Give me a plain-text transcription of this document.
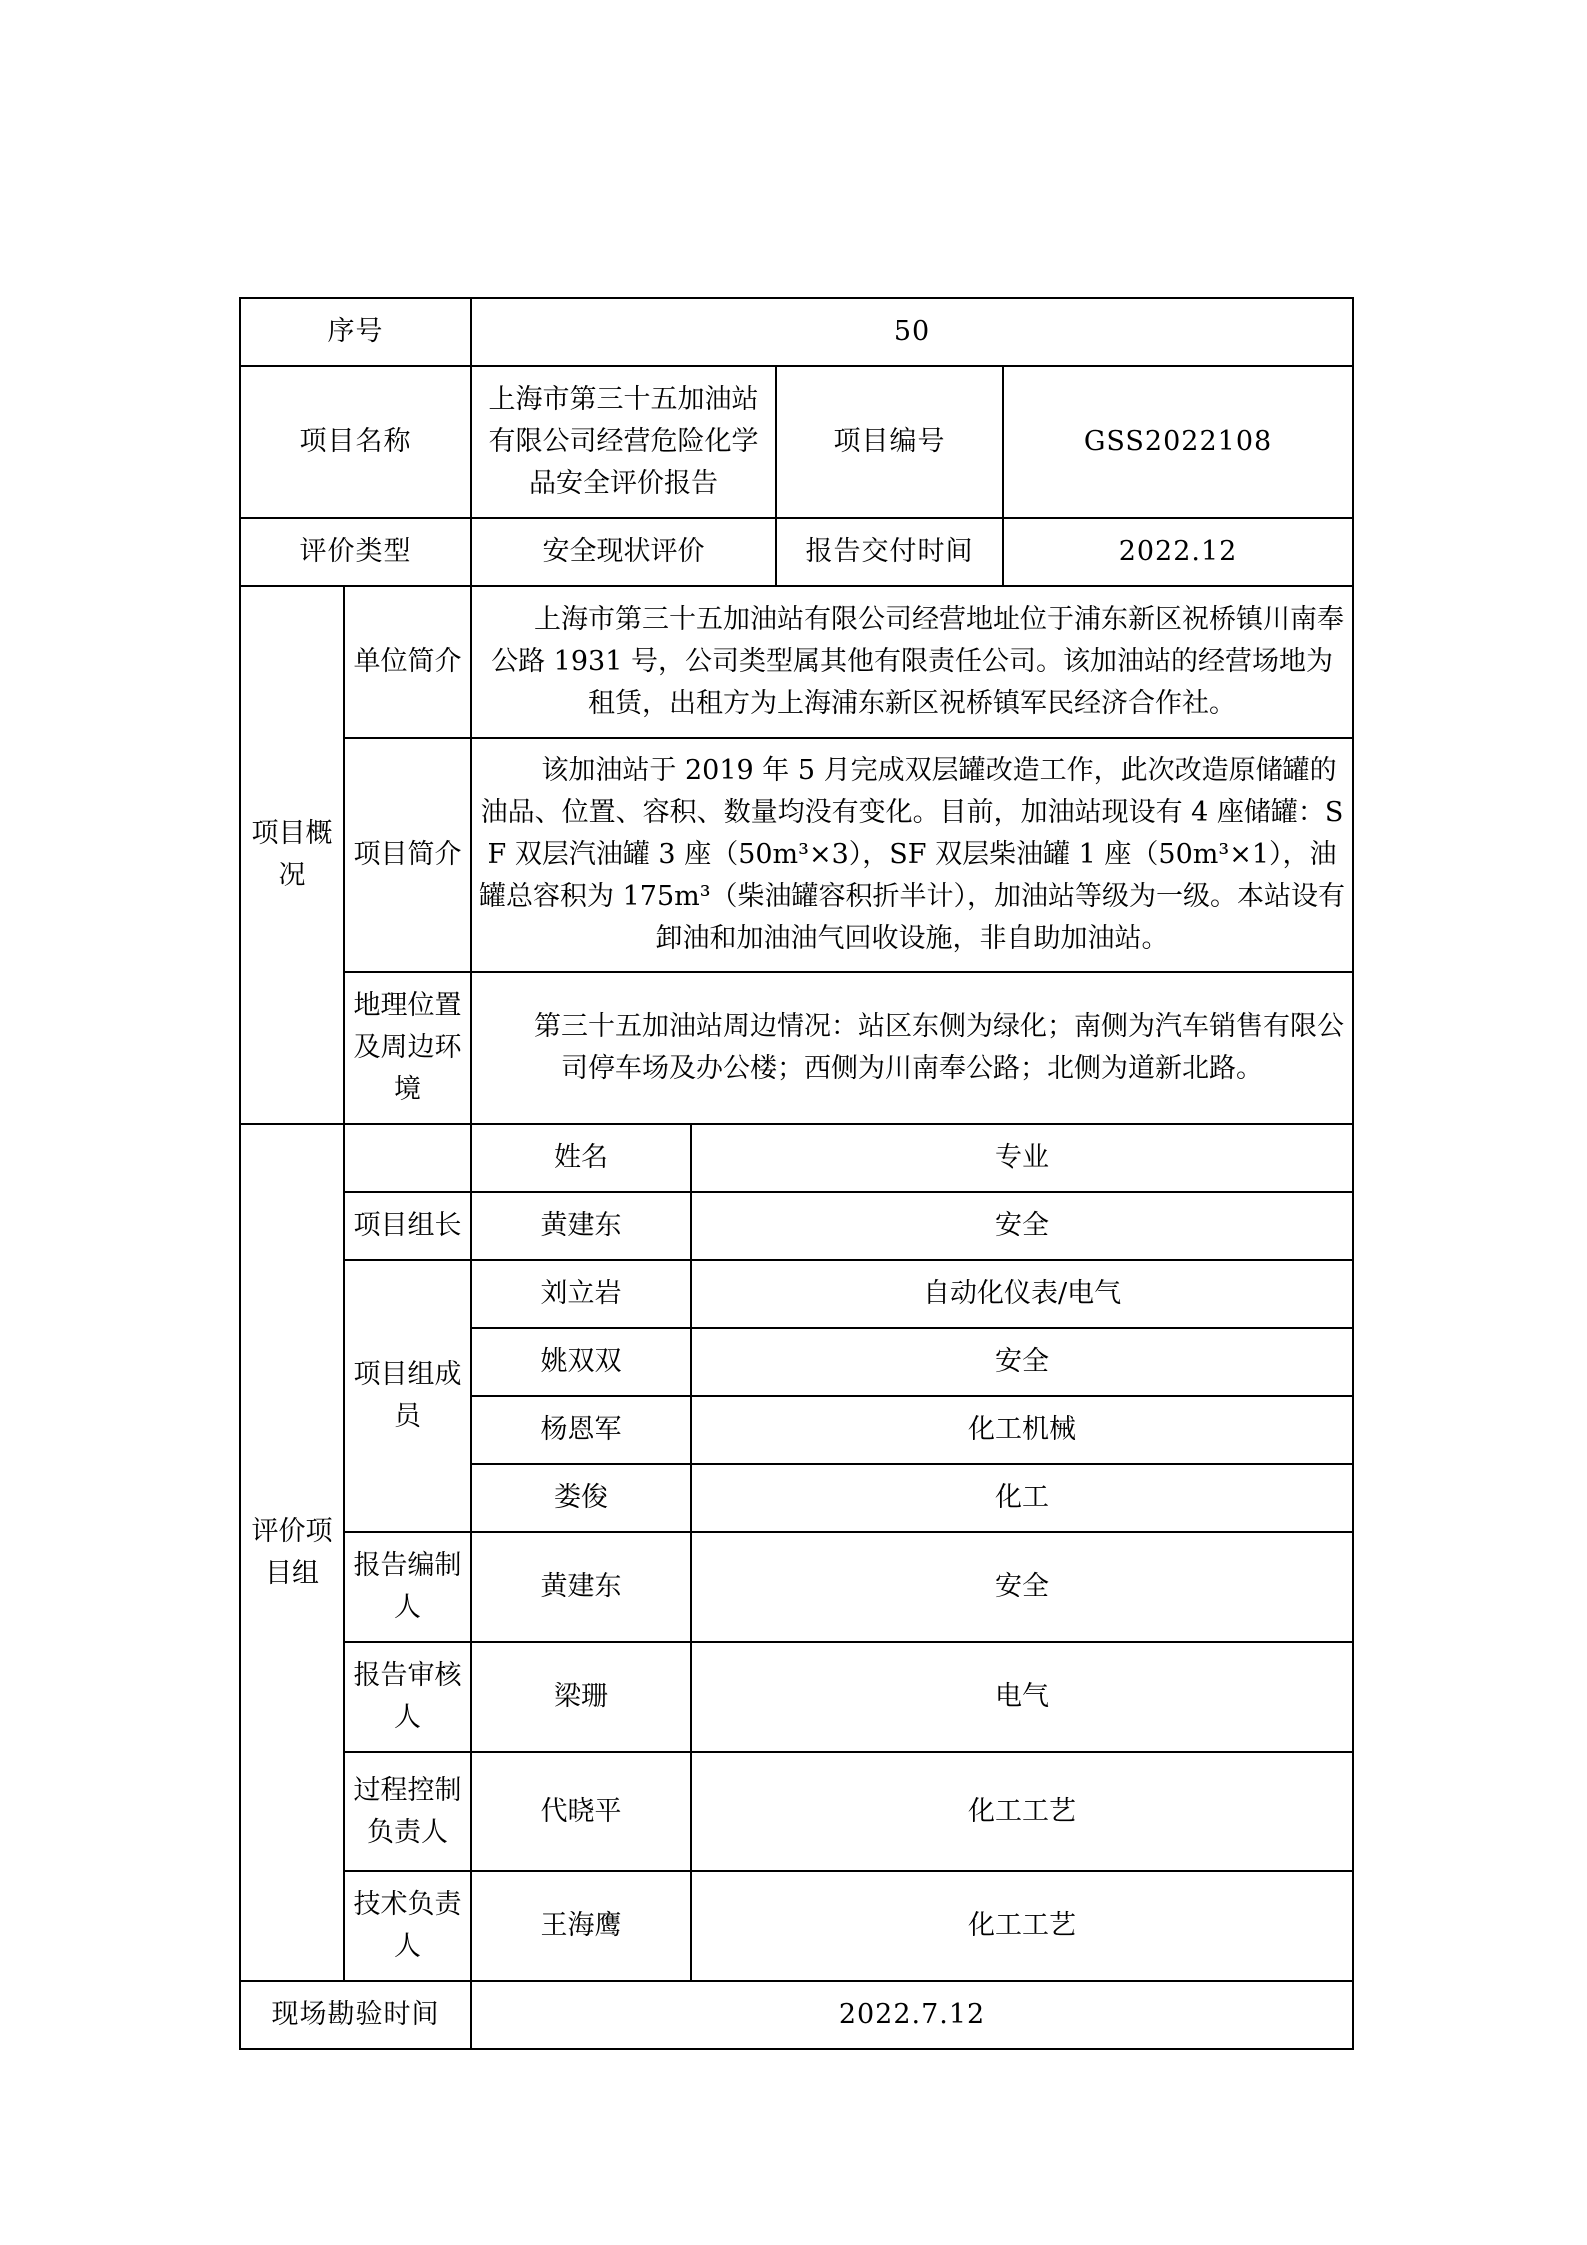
序号		50			
项目名称		上海市第三十五加油站有限公司经营危险化学品安全评价报告		项目编号	GSS2022108
评价类型		安全现状评价		报告交付时间	2022.12
项目概况	单位简介	上海市第三十五加油站有限公司经营地址位于浦东新区祝桥镇川南奉公路 1931 号，公司类型属其他有限责任公司。该加油站的经营场地为租赁，出租方为上海浦东新区祝桥镇军民经济合作社。			

	项目简介	该加油站于 2019 年 5 月完成双层罐改造工作，此次改造原储罐的油品、位置、容积、数量均没有变化。目前，加油站现设有 4 座储罐：SF 双层汽油罐 3 座（50m³×3），SF 双层柴油罐 1 座（50m³×1），油罐总容积为 175m³（柴油罐容积折半计），加油站等级为一级。本站设有卸油和加油油气回收设施，非自助加油站。			

	地理位置及周边环境	第三十五加油站周边情况：站区东侧为绿化；南侧为汽车销售有限公司停车场及办公楼；西侧为川南奉公路；北侧为道新北路。			

评价项目组		姓名	专业		
	项目组长	黄建东	安全		
	项目组成员	刘立岩	自动化仪表/电气		
		姚双双	安全		
		杨恩军	化工机械		
		娄俊	化工		
	报告编制人	黄建东	安全		
	报告审核人	梁珊	电气		
	过程控制负责人	代晓平	化工工艺		
	技术负责人	王海鹰	化工工艺		
现场勘验时间		2022.7.12			
